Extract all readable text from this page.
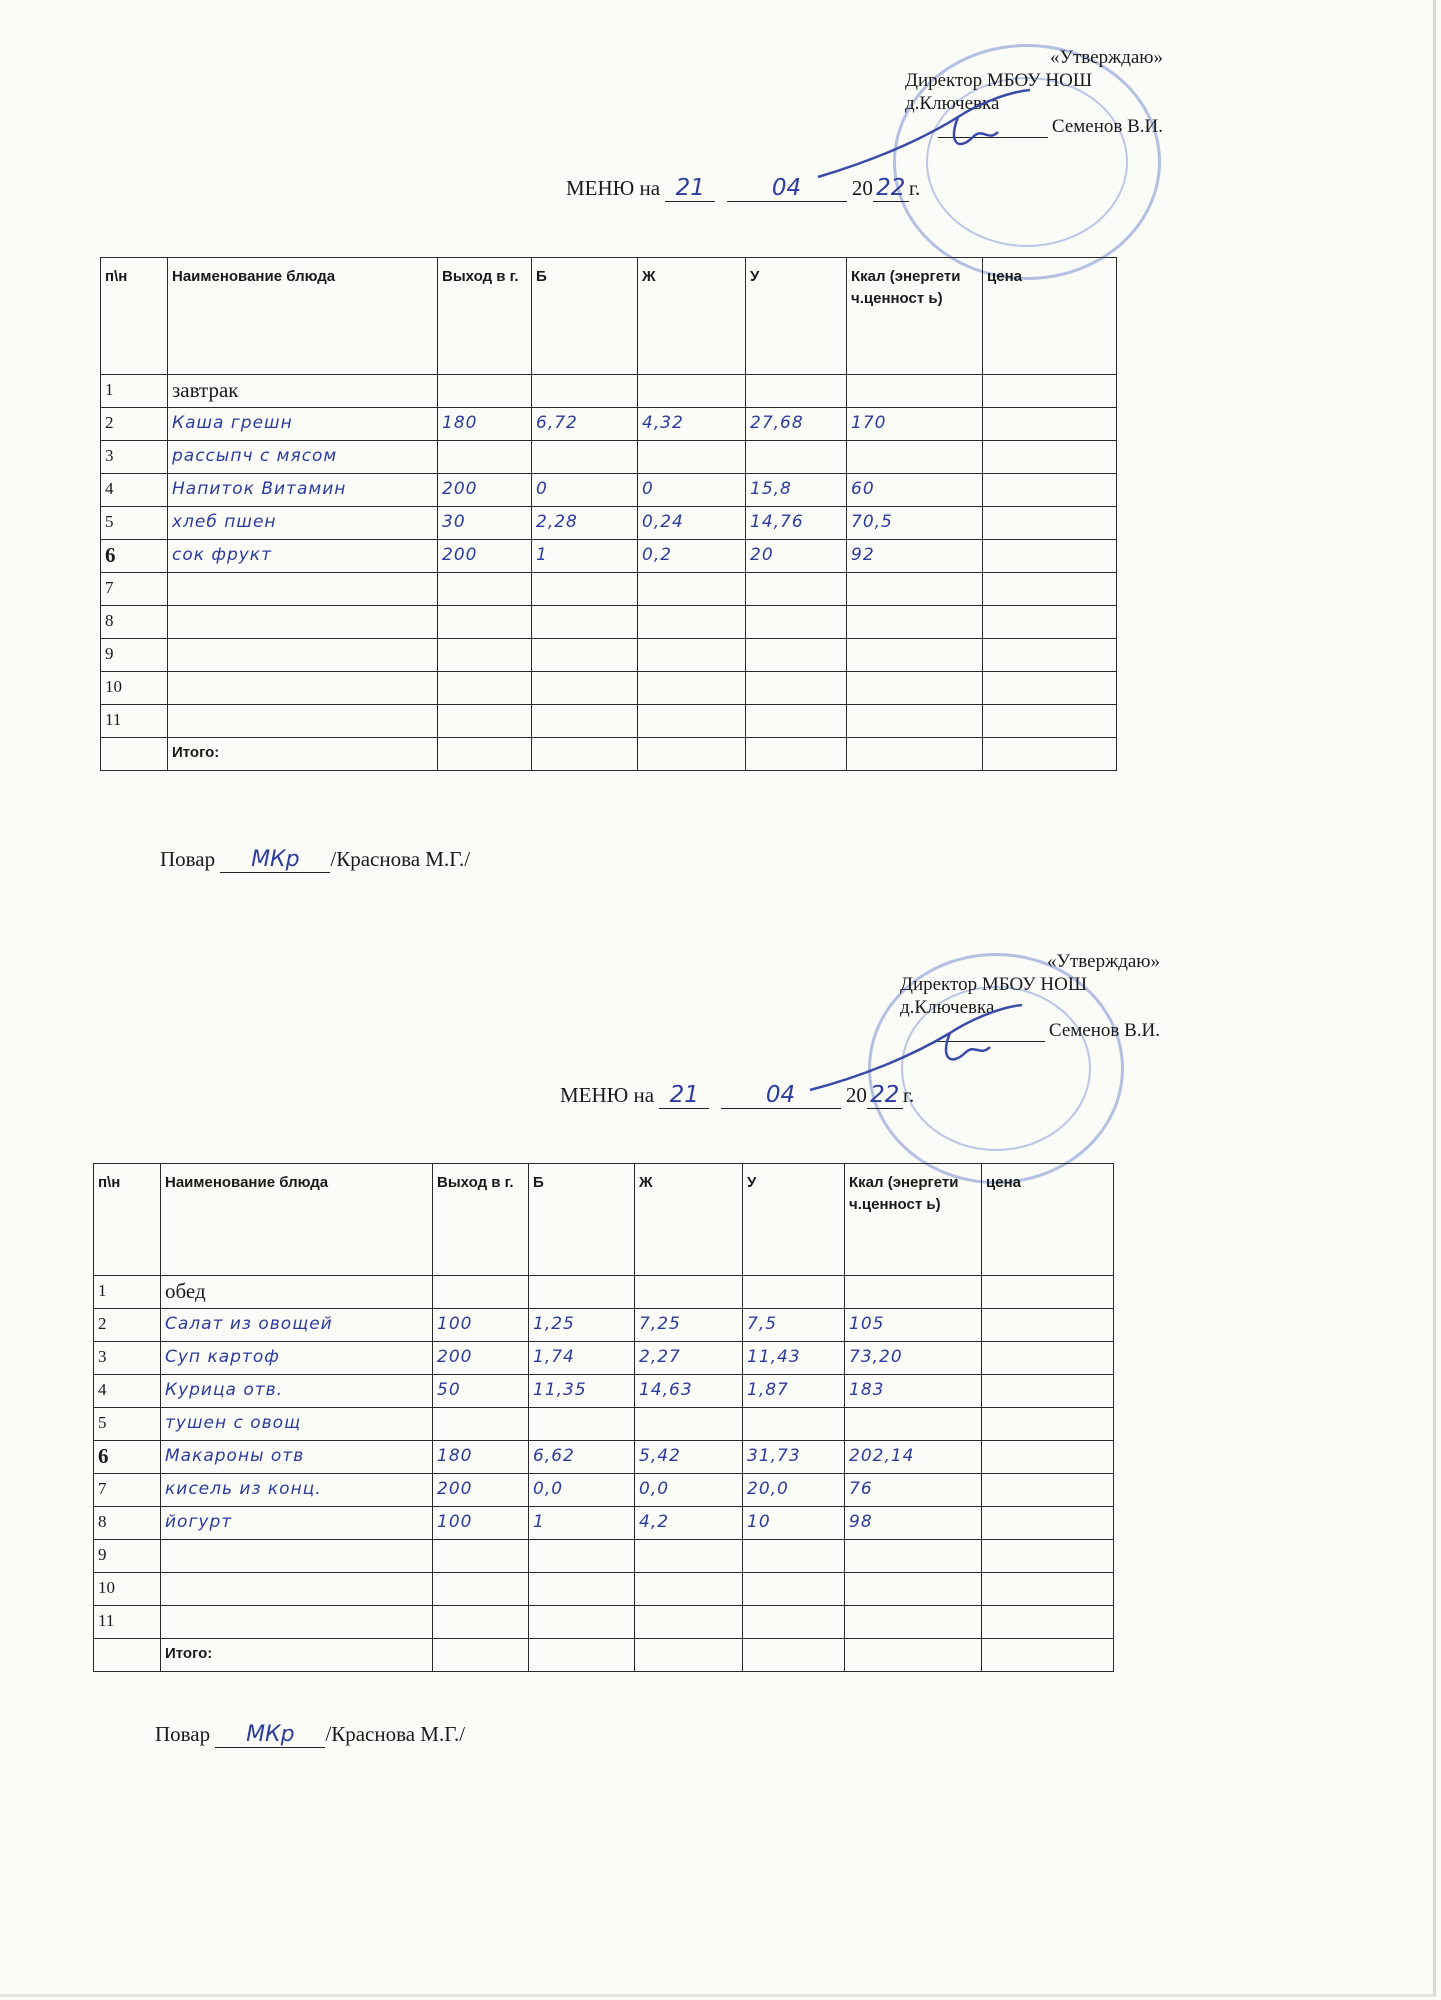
«Утверждаю»
Директор МБОУ НОШ
д.Ключевка
Семенов В.И.
МЕНЮ на 21	04 20 22 г.
п\н	Наименование блюда	Выход в г.	Б	Ж	У	Ккал (энергети ч.ценност ь)	цена
1	завтрак						
2	Каша грешн	180	6,72	4,32	27,68	170	
3	рассыпч с мясом						
4	Напиток Витамин	200	0	0	15,8	60	
5	хлеб пшен	30	2,28	0,24	14,76	70,5	
6	сок фрукт	200	1	0,2	20	92	
7							
8							
9							
10							
11							
	Итого:						
Повар МКр /Краснова М.Г./
«Утверждаю»
Директор МБОУ НОШ
д.Ключевка
Семенов В.И.
МЕНЮ на 21	04 20 22 г.
п\н	Наименование блюда	Выход в г.	Б	Ж	У	Ккал (энергети ч.ценност ь)	цена
1	обед						
2	Салат из овощей	100	1,25	7,25	7,5	105	
3	Суп картоф	200	1,74	2,27	11,43	73,20	
4	Курица отв.	50	11,35	14,63	1,87	183	
5	тушен с овощ						
6	Макароны отв	180	6,62	5,42	31,73	202,14	
7	кисель из конц.	200	0,0	0,0	20,0	76	
8	йогурт	100	1	4,2	10	98	
9							
10							
11							
	Итого:						
Повар МКр /Краснова М.Г./
